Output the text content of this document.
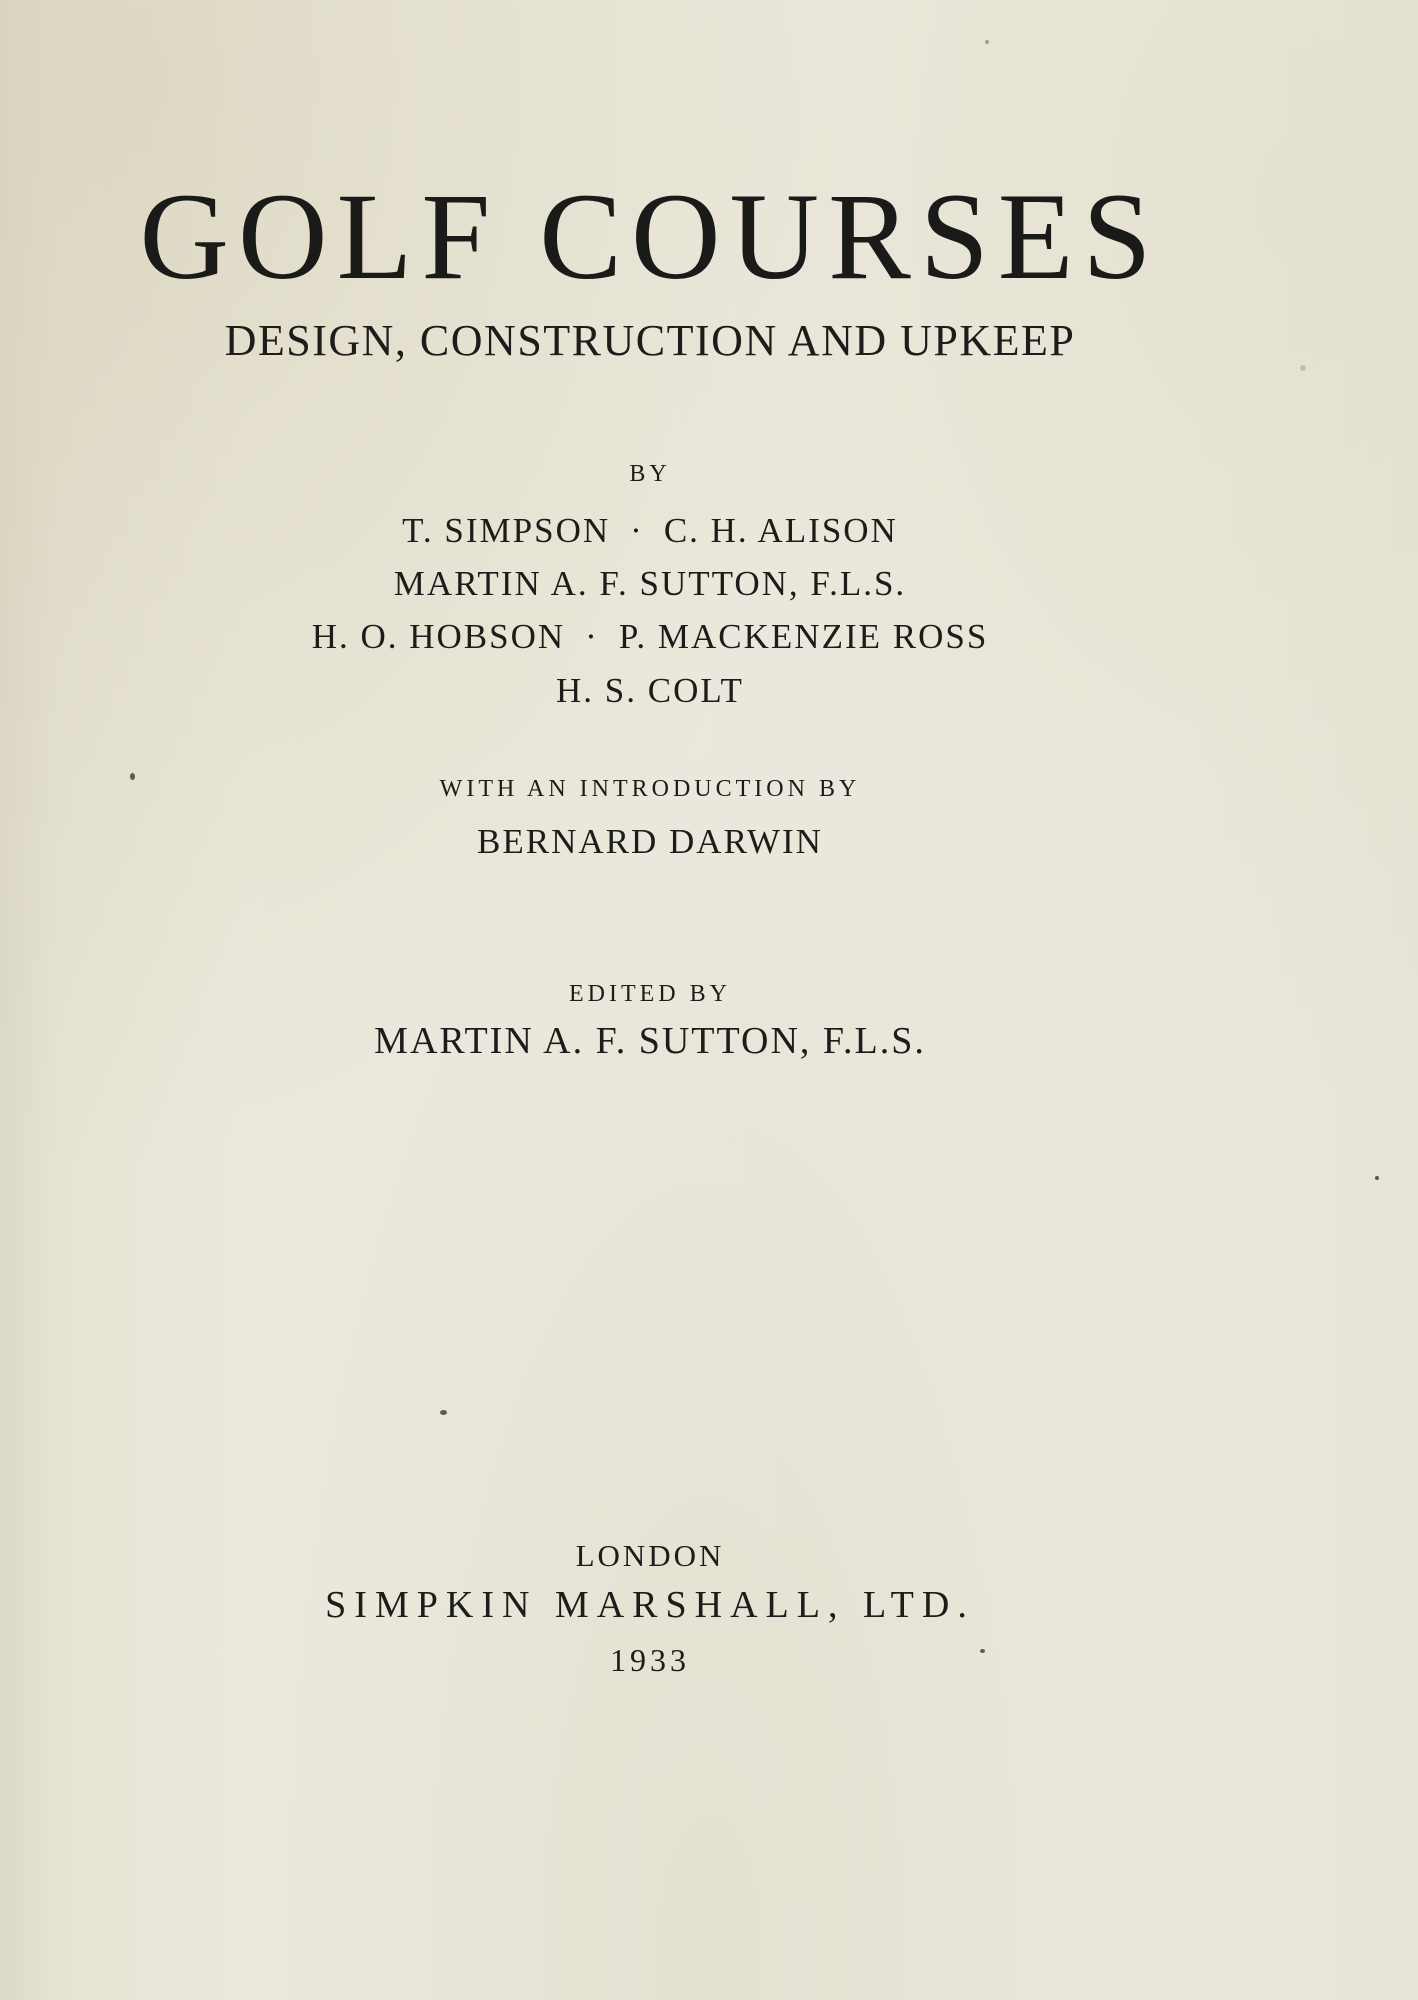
GOLF COURSES
DESIGN, CONSTRUCTION AND UPKEEP
BY
T. SIMPSON · C. H. ALISON
MARTIN A. F. SUTTON, F.L.S.
H. O. HOBSON · P. MACKENZIE ROSS
H. S. COLT
WITH AN INTRODUCTION BY
BERNARD DARWIN
EDITED BY
MARTIN A. F. SUTTON, F.L.S.
LONDON
SIMPKIN MARSHALL, LTD.
1933
